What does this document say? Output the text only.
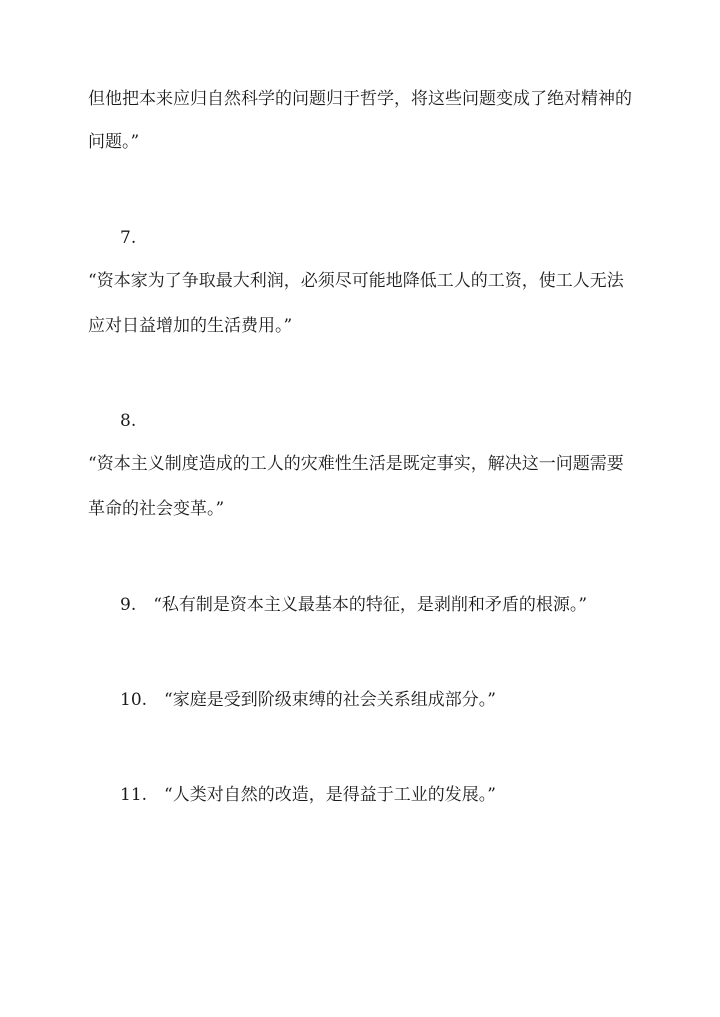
但他把本来应归自然科学的问题归于哲学，将这些问题变成了绝对精神的
问题。”
7.
“资本家为了争取最大利润，必须尽可能地降低工人的工资，使工人无法
应对日益增加的生活费用。”
8.
“资本主义制度造成的工人的灾难性生活是既定事实，解决这一问题需要
革命的社会变革。”
9.　“私有制是资本主义最基本的特征，是剥削和矛盾的根源。”
10.　“家庭是受到阶级束缚的社会关系组成部分。”
11.　“人类对自然的改造，是得益于工业的发展。”
